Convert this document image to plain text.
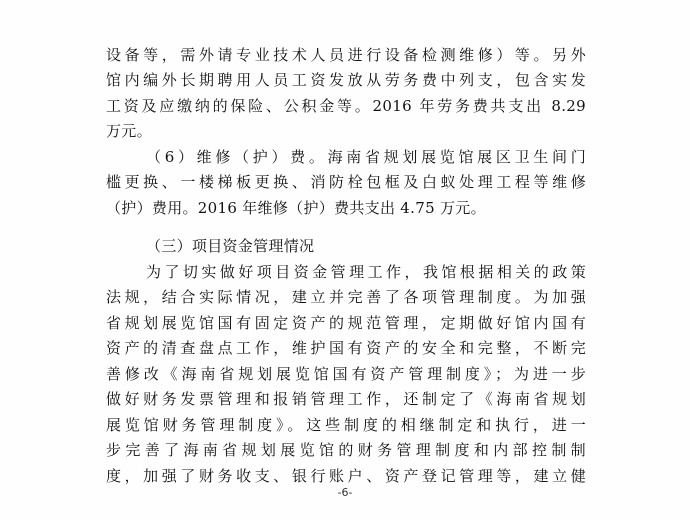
设备等，需外请专业技术人员进行设备检测维修）等。另外
馆内编外长期聘用人员工资发放从劳务费中列支，包含实发
工资及应缴纳的保险、公积金等。2016 年劳务费共支出 8.29
万元。
（6）维修（护）费。海南省规划展览馆展区卫生间门
槛更换、一楼梯板更换、消防栓包框及白蚁处理工程等维修
（护）费用。2016 年维修（护）费共支出 4.75 万元。
（三）项目资金管理情况
为了切实做好项目资金管理工作，我馆根据相关的政策
法规，结合实际情况，建立并完善了各项管理制度。为加强
省规划展览馆国有固定资产的规范管理，定期做好馆内国有
资产的清查盘点工作，维护国有资产的安全和完整，不断完
善修改《海南省规划展览馆国有资产管理制度》；为进一步
做好财务发票管理和报销管理工作，还制定了《海南省规划
展览馆财务管理制度》。这些制度的相继制定和执行，进一
步完善了海南省规划展览馆的财务管理制度和内部控制制
度，加强了财务收支、银行账户、资产登记管理等，建立健
-6-
